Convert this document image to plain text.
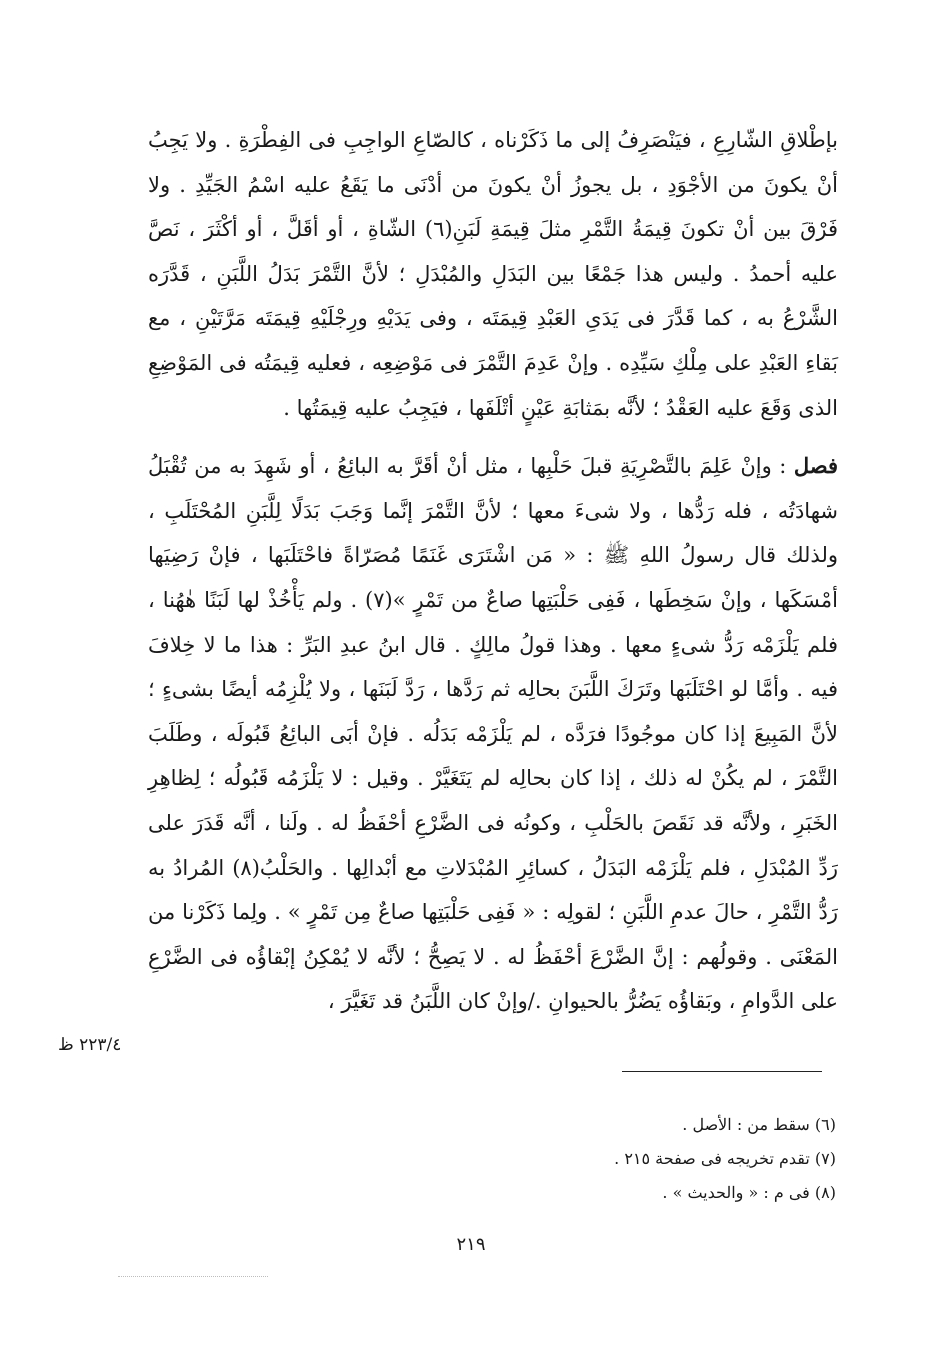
بإطْلاقِ الشّارِعِ ، فيَنْصَرِفُ إلى ما ذَكَرْناه ، كالصّاعِ الواجِبِ فى الفِطْرَةِ . ولا يَجِبُ أنْ يكونَ من الأجْوَدِ ، بل يجوزُ أنْ يكونَ من أدْنَى ما يَقَعُ عليه اسْمُ الجَيِّدِ . ولا فَرْقَ بين أنْ تكونَ قِيمَةُ التَّمْرِ مثلَ قِيمَةِ لَبَنِ(٦) الشّاةِ ، أو أقَلَّ ، أو أكْثَرَ ، نَصَّ عليه أحمدُ . وليس هذا جَمْعًا بين البَدَلِ والمُبْدَلِ ؛ لأنَّ التَّمْرَ بَدَلُ اللَّبَنِ ، قَدَّرَه الشَّرْعُ به ، كما قَدَّرَ فى يَدَىِ العَبْدِ قِيمَتَه ، وفى يَدَيْهِ ورِجْلَيْهِ قِيمَتَه مَرَّتَيْنِ ، مع بَقاءِ العَبْدِ على مِلْكِ سَيِّدِه . وإنْ عَدِمَ التَّمْرَ فى مَوْضِعِه ، فعليه قِيمَتُه فى المَوْضِعِ الذى وَقَعَ عليه العَقْدُ ؛ لأنَّه بمَثابَةِ عَيْنٍ أتْلَفَها ، فيَجِبُ عليه قِيمَتُها .

فصل : وإنْ عَلِمَ بالتَّصْرِيَةِ قبلَ حَلْبِها ، مثل أنْ أقَرَّ به البائِعُ ، أو شَهِدَ به من تُقْبَلُ شهادَتُه ، فله رَدُّها ، ولا شىءَ معها ؛ لأنَّ التَّمْرَ إنَّما وَجَبَ بَدَلًا لِلَّبَنِ المُحْتَلَبِ ، ولذلك قال رسولُ اللهِ ﷺ : « مَن اشْتَرَى غَنَمًا مُصَرّاةً فاحْتَلَبَها ، فإنْ رَضِيَها أمْسَكَها ، وإنْ سَخِطَها ، فَفِى حَلْبَتِها صاعٌ من تَمْرٍ »(٧) . ولم يَأْخُذْ لها لَبَنًا هٰهُنا ، فلم يَلْزَمْه رَدُّ شىءٍ معها . وهذا قولُ مالِكٍ . قال ابنُ عبدِ البَرِّ : هذا ما لا خِلافَ فيه . وأمَّا لو احْتَلَبَها وتَرَكَ اللَّبَنَ بحالِه ثم رَدَّها ، رَدَّ لَبَنَها ، ولا يُلْزِمُه أيضًا بشىءٍ ؛ لأنَّ المَبِيعَ إذا كان موجُودًا فرَدَّه ، لم يَلْزَمْه بَدَلُه . فإنْ أبَى البائِعُ قَبُولَه ، وطَلَبَ التَّمْرَ ، لم يكُنْ له ذلك ، إذا كان بحالِه لم يَتَغَيَّرْ . وقيل : لا يَلْزَمُه قَبُولُه ؛ لِظاهِرِ الخَبَرِ ، ولأنَّه قد نَقَصَ بالحَلْبِ ، وكونُه فى الضَّرْعِ أحْفَظُ له . ولَنا ، أنَّه قَدَرَ على رَدِّ المُبْدَلِ ، فلم يَلْزَمْه البَدَلُ ، كسائِرِ المُبْدَلاتِ مع أبْدالِها . والحَلْبُ(٨) المُرادُ به رَدُّ التَّمْرِ ، حالَ عدمِ اللَّبَنِ ؛ لقولِه : « فَفِى حَلْبَتِها صاعٌ مِن تَمْرٍ » . ولِما ذَكَرْنا من المَعْنَى . وقولُهم : إنَّ الضَّرْعَ أحْفَظُ له . لا يَصِحُّ ؛ لأنَّه لا يُمْكِنُ إبْقاؤُه فى الضَّرْعِ على الدَّوامِ ، وبَقاؤُه يَضُرُّ بالحيوانِ ./وإنْ كان اللَّبَنُ قد تَغَيَّرَ ،

٢٢٣/٤ ظ

(٦) سقط من : الأصل .

(٧) تقدم تخريجه فى صفحة ٢١٥ .

(٨) فى م : « والحديث » .

٢١٩
